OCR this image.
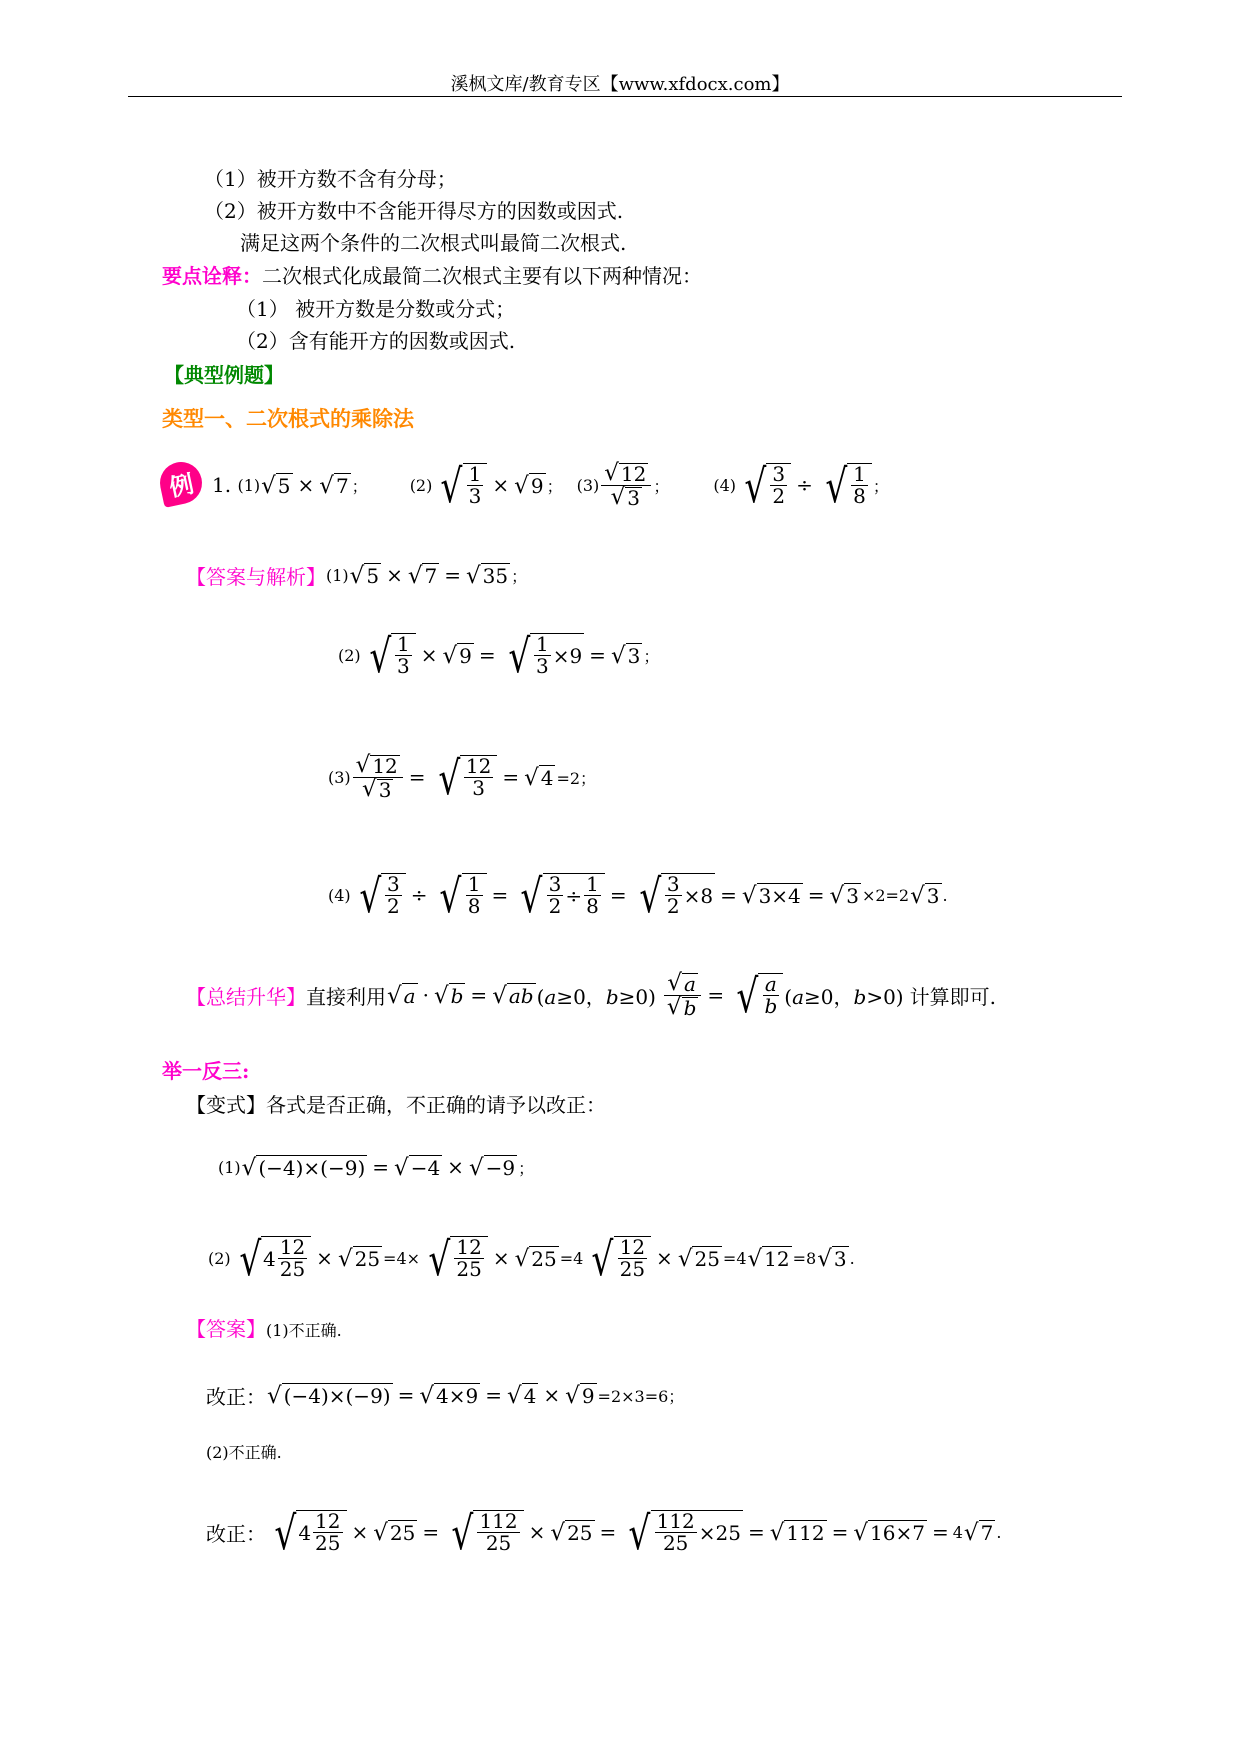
溪枫文库/教育专区【www.xfdocx.com】
（1）被开方数不含有分母；
（2）被开方数中不含能开得尽方的因数或因式.
满足这两个条件的二次根式叫最简二次根式.
要点诠释：二次根式化成最简二次根式主要有以下两种情况：
（1） 被开方数是分数或分式；
（2）含有能开方的因数或因式.
【典型例题】
类型一、二次根式的乘除法
例 1.
(1) √ 5 × √ 7 ；	(2) √ $\frac{1}{3}$ × √ 9 ； $(3) \frac{√ 12}{√ 3}$ ；	(4) √ $\frac{3}{2}$ ÷ √ $\frac{1}{8}$ ；
【答案与解析】 (1) √ 5 × √ 7 = √ 35 ；
(2) √ $\frac{1}{3}$ × √ 9 = √ $\frac{1}{3} \times 9$ = √ 3 ；
$(3) \frac{√ 12}{√ 3}$ = √ $\frac{12}{3}$ = √ 4 =2；
(4) √ $\frac{3}{2}$ ÷ √ $\frac{1}{8}$ = √ $\frac{3}{2} \div \frac{1}{8}$ = √ $\frac{3}{2} \times 8$ = √ 3×4 = √ 3 ×2=2 √ 3 .
【总结升华】 直接利用 √ a · √ b = √ ab (a≥0，$b\ge 0) \frac{√ a}{√ b}$ = √ $\frac{a}{b} (a\ge 0$，b>0) 计算即可.
举一反三:
【变式】各式是否正确，不正确的请予以改正：
(1) √ (−4)×(−9) = √ −4 × √ −9 ；
(2) √ $4 \frac{12}{25}$ × √ 25 =4× √ $\frac{12}{25}$ × √ 25 =4 √ $\frac{12}{25}$ × √ 25 =4 √ 12 =8 √ 3 .
【答案】(1)不正确.
改正： √ (−4)×(−9) = √ 4×9 = √ 4 × √ 9 =2×3=6；
(2)不正确.
改正： √ $4 \frac{12}{25}$ × √ 25 = √ $\frac{112}{25}$ × √ 25 = √ $\frac{112}{25} \times 25$ = √ 112 = √ 16×7 = 4 √ 7 .
